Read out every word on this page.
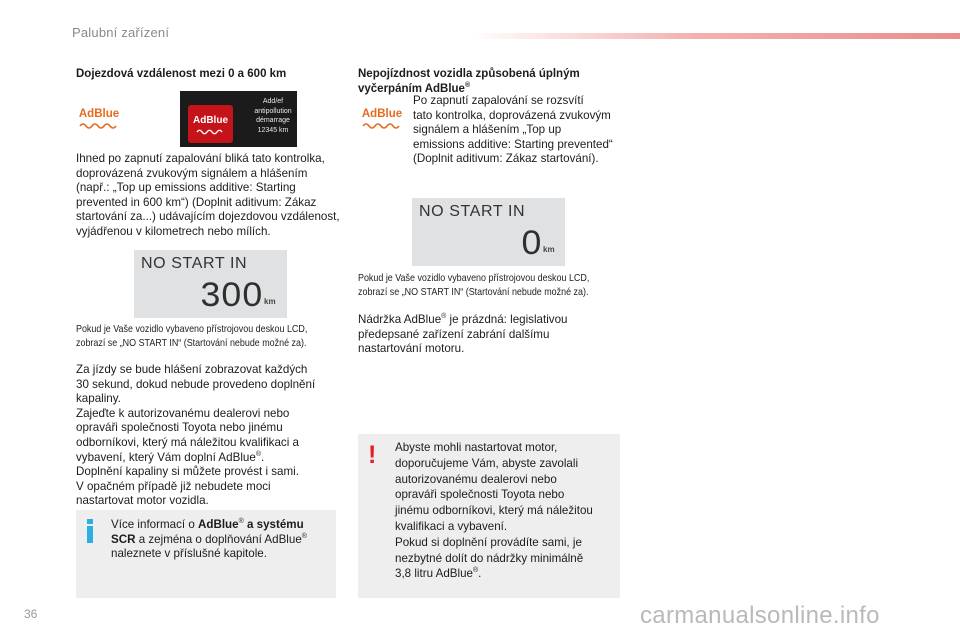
Palubní zařízení
Dojezdová vzdálenost mezi 0 a 600 km
AdBlue
AdBlue
Add/ef
antipollution
démarrage
12345 km
Ihned po zapnutí zapalování bliká tato kontrolka,
doprovázená zvukovým signálem a hlášením
(např.: „Top up emissions additive: Starting
prevented in 600 km“) (Doplnit aditivum: Zákaz
startování za...) udávajícím dojezdovou vzdálenost,
vyjádřenou v kilometrech nebo mílích.
NO START IN
300 km
Pokud je Vaše vozidlo vybaveno přístrojovou deskou LCD,
zobrazí se „NO START IN“ (Startování nebude možné za).
Za jízdy se bude hlášení zobrazovat každých
30 sekund, dokud nebude provedeno doplnění
kapaliny.
Zajeďte k autorizovanému dealerovi nebo
opraváři společnosti Toyota nebo jinému
odborníkovi, který má náležitou kvalifikaci a
vybavení, který Vám doplní AdBlue®.
Doplnění kapaliny si můžete provést i sami.
V opačném případě již nebudete moci
nastartovat motor vozidla.
Více informací o AdBlue® a systému
SCR a zejména o doplňování AdBlue®
naleznete v příslušné kapitole.
Nepojízdnost vozidla způsobená úplným
vyčerpáním AdBlue®
AdBlue
Po zapnutí zapalování se rozsvítí
tato kontrolka, doprovázená zvukovým
signálem a hlášením „Top up
emissions additive: Starting prevented“
(Doplnit aditivum: Zákaz startování).
NO START IN
0 km
Pokud je Vaše vozidlo vybaveno přístrojovou deskou LCD,
zobrazí se „NO START IN“ (Startování nebude možné za).
Nádržka AdBlue® je prázdná: legislativou
předepsané zařízení zabrání dalšímu
nastartování motoru.
! Abyste mohli nastartovat motor,
doporučujeme Vám, abyste zavolali
autorizovanému dealerovi nebo
opraváři společnosti Toyota nebo
jinému odborníkovi, který má náležitou
kvalifikaci a vybavení.
Pokud si doplnění provádíte sami, je
nezbytné dolít do nádržky minimálně
3,8 litru AdBlue®.
36	carmanualsonline.info
